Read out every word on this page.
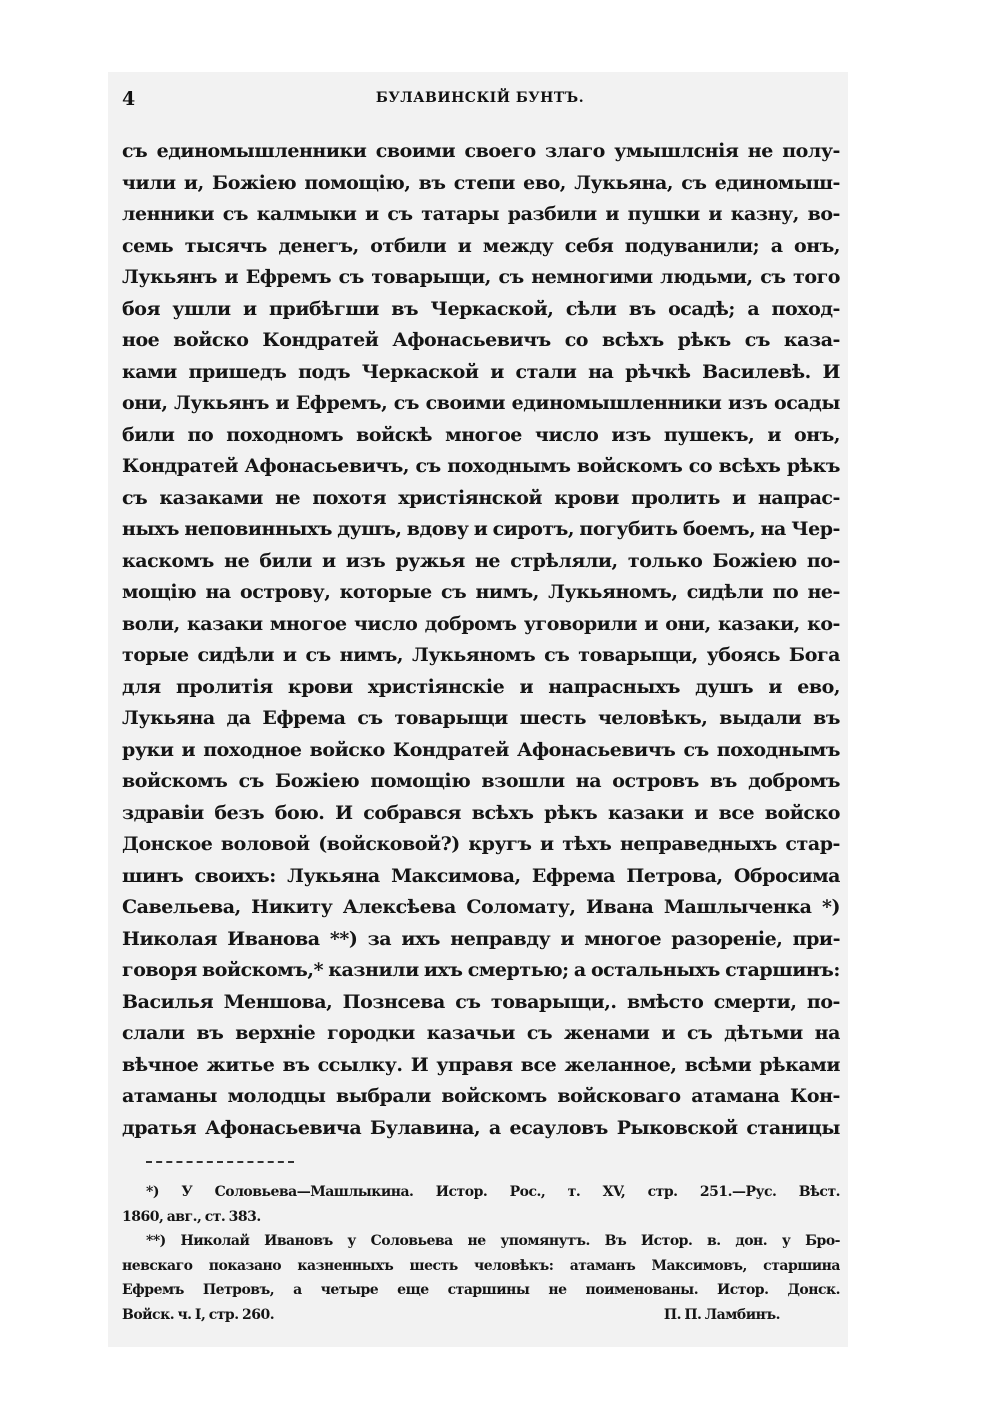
4	БУЛАВИНСКІЙ БУНТЪ.
съ единомышленники своими своего злаго умышлснія не полу-
чили и, Божіею помощію, въ степи ево, Лукьяна, съ единомыш-
ленники съ калмыки и съ татары разбили и пушки и казну, во-
семь тысячъ денегъ, отбили и между себя подуванили; а онъ,
Лукьянъ и Ефремъ съ товарыщи, съ немногими людьми, съ того
боя ушли и прибѣгши въ Черкаской, сѣли въ осадѣ; а поход-
ное войско Кондратей Афонасьевичъ со всѣхъ рѣкъ съ каза-
ками пришедъ подъ Черкаской и стали на рѣчкѣ Василевѣ. И
они, Лукьянъ и Ефремъ, съ своими единомышленники изъ осады
били по походномъ войскѣ многое число изъ пушекъ, и онъ,
Кондратей Афонасьевичъ, съ походнымъ войскомъ со всѣхъ рѣкъ
съ казаками не похотя христіянской крови пролить и напрас-
ныхъ неповинныхъ душъ, вдову и сиротъ, погубить боемъ, на Чер-
каскомъ не били и изъ ружья не стрѣляли, только Божіею по-
мощію на острову, которые съ нимъ, Лукьяномъ, сидѣли по не-
воли, казаки многое число добромъ уговорили и они, казаки, ко-
торые сидѣли и съ нимъ, Лукьяномъ съ товарыщи, убоясь Бога
для пролитія крови христіянскіе и напрасныхъ душъ и ево,
Лукьяна да Ефрема съ товарыщи шесть человѣкъ, выдали въ
руки и походное войско Кондратей Афонасьевичъ съ походнымъ
войскомъ съ Божіею помощію взошли на островъ въ добромъ
здравіи безъ бою. И собрався всѣхъ рѣкъ казаки и все войско
Донское воловой (войсковой?) кругъ и тѣхъ неправедныхъ стар-
шинъ своихъ: Лукьяна Максимова, Ефрема Петрова, Обросима
Савельева, Никиту Алексѣева Соломату, Ивана Машлыченка *)
Николая Иванова **) за ихъ неправду и многое разореніе, при-
говоря войскомъ,* казнили ихъ смертью; а остальныхъ старшинъ:
Василья Меншова, Познсева съ товарыщи,. вмѣсто смерти, по-
слали въ верхніе городки казачьи съ женами и съ дѣтьми на
вѣчное житье въ ссылку. И управя все желанное, всѣми рѣками
атаманы молодцы выбрали войскомъ войсковаго атамана Кон-
дратья Афонасьевича Булавина, а есауловъ Рыковской станицы
*) У Соловьева—Машлыкина. Истор. Рос., т. XV, стр. 251.—Рус. Вѣст.
1860, авг., ст. 383.
**) Николай Ивановъ у Соловьева не упомянутъ. Въ Истор. в. дон. у Бро-
невскаго показано казненныхъ шесть человѣкъ: атаманъ Максимовъ, старшина
Ефремъ Петровъ, а четыре еще старшины не поименованы. Истор. Донск.
Войск. ч. I, стр. 260.	П. П. Ламбинъ.
